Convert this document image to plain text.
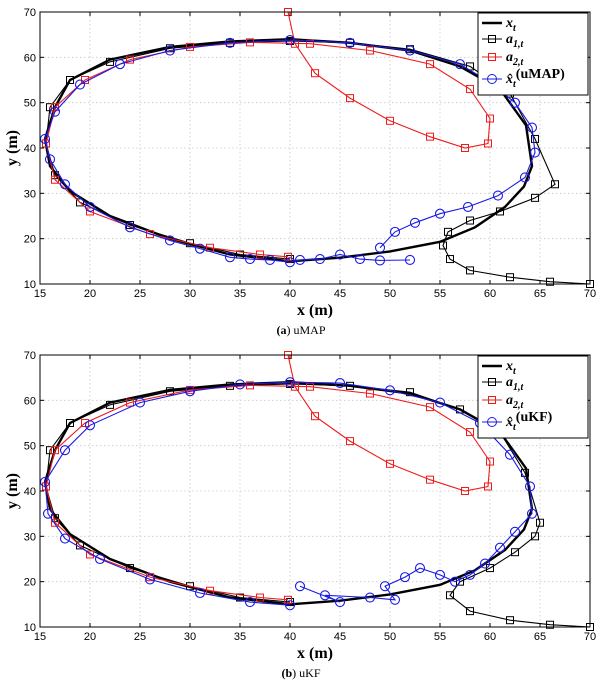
15	20	25	30	35	40	45	50	55	60	65	70
10
20
30
40
50
60
70
x (m)
y (m)
(a) uMAP
$x_t$
$a_{1,t}$
$a_{2,t}$
$x̂_t(uMAP)$
15	20	25	30	35	40	45	50	55	60	65	70
10
20
30
40
50
60
70
x (m)
y (m)
(b) uKF
$x_t$
$a_{1,t}$
$a_{2,t}$
$x̂_t(uKF)$
